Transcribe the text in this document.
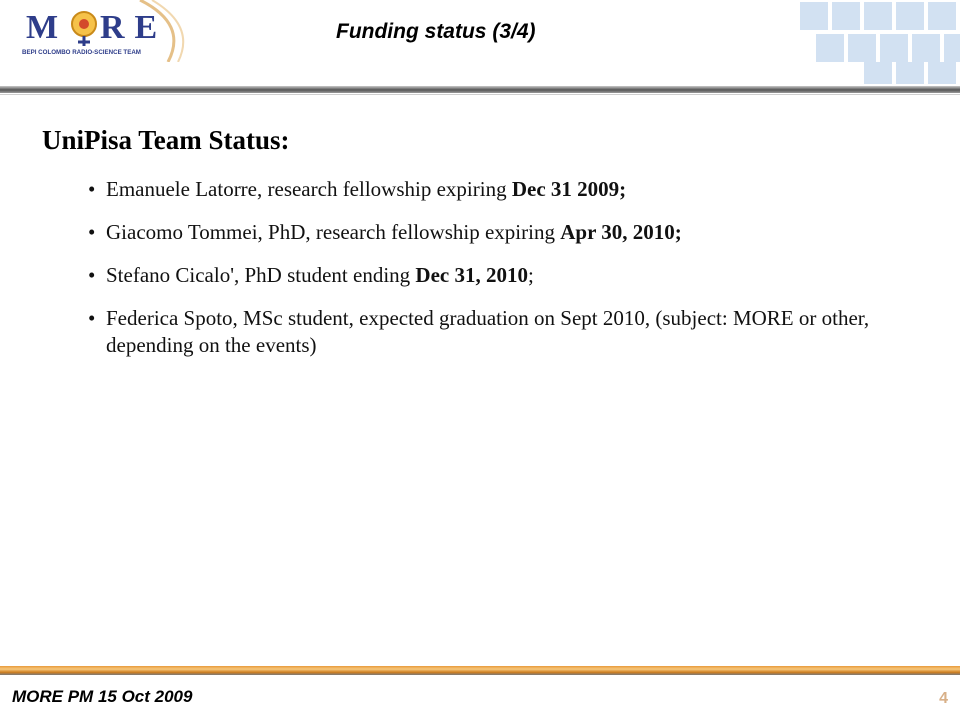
M RE
BEPI COLOMBO RADIO-SCIENCE TEAM
Funding status (3/4)
UniPisa Team Status:
• Emanuele Latorre, research fellowship expiring Dec 31 2009;
• Giacomo Tommei, PhD, research fellowship expiring Apr 30, 2010;
• Stefano Cicalo', PhD student ending Dec 31, 2010;
• Federica Spoto, MSc student, expected graduation on Sept 2010, (subject: MORE or other, depending on the events)
MORE PM 15 Oct 2009	4
